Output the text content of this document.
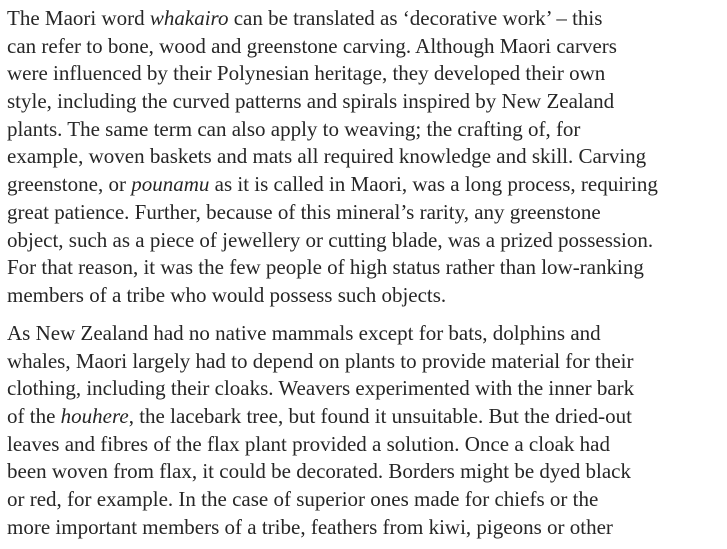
The Maori word whakairo can be translated as ‘decorative work’ – this
can refer to bone, wood and greenstone carving. Although Maori carvers
were influenced by their Polynesian heritage, they developed their own
style, including the curved patterns and spirals inspired by New Zealand
plants. The same term can also apply to weaving; the crafting of, for
example, woven baskets and mats all required knowledge and skill. Carving
greenstone, or pounamu as it is called in Maori, was a long process, requiring
great patience. Further, because of this mineral’s rarity, any greenstone
object, such as a piece of jewellery or cutting blade, was a prized possession.
For that reason, it was the few people of high status rather than low-ranking
members of a tribe who would possess such objects.
As New Zealand had no native mammals except for bats, dolphins and
whales, Maori largely had to depend on plants to provide material for their
clothing, including their cloaks. Weavers experimented with the inner bark
of the houhere, the lacebark tree, but found it unsuitable. But the dried-out
leaves and fibres of the flax plant provided a solution. Once a cloak had
been woven from flax, it could be decorated. Borders might be dyed black
or red, for example. In the case of superior ones made for chiefs or the
more important members of a tribe, feathers from kiwi, pigeons or other
